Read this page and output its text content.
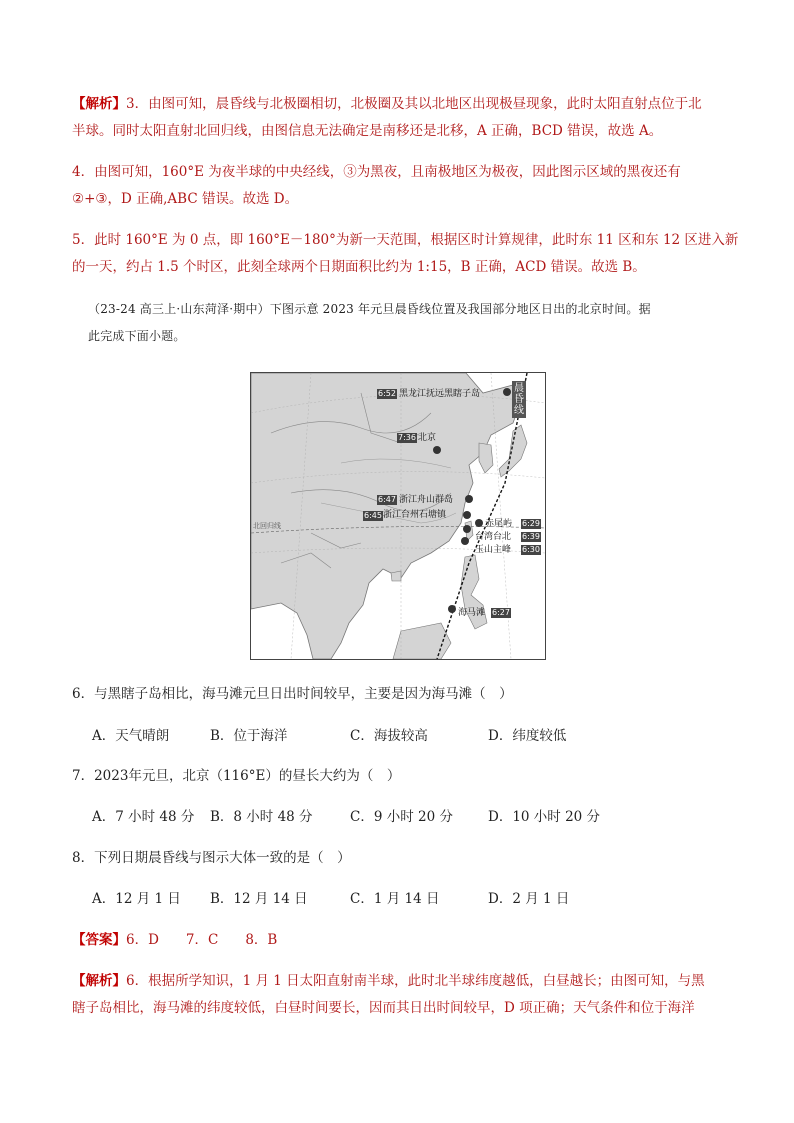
【解析】3．由图可知，晨昏线与北极圈相切，北极圈及其以北地区出现极昼现象，此时太阳直射点位于北
半球。同时太阳直射北回归线，由图信息无法确定是南移还是北移，A 正确，BCD 错误，故选 A。
4．由图可知，160°E 为夜半球的中央经线，③为黑夜，且南极地区为极夜，因此图示区域的黑夜还有
②+③，D 正确,ABC 错误。故选 D。
5．此时 160°E 为 0 点，即 160°E－180°为新一天范围，根据区时计算规律，此时东 11 区和东 12 区进入新
的一天，约占 1.5 个时区，此刻全球两个日期面积比约为 1:15，B 正确，ACD 错误。故选 B。
（23-24 高三上·山东菏泽·期中）下图示意 2023 年元旦晨昏线位置及我国部分地区日出的北京时间。据
此完成下面小题。
晨
昏
线
北回归线
6:52 黑龙江抚远黑瞎子岛
7:36 北京
6:47 浙江舟山群岛
6:45 浙江台州石塘镇
赤尾屿 6:29
台湾台北 6:39
玉山主峰 6:30
海马滩 6:27
6．与黑瞎子岛相比，海马滩元旦日出时间较早，主要是因为海马滩（　）
A．天气晴朗	B．位于海洋	C．海拔较高	D．纬度较低
7．2023年元旦，北京（116°E）的昼长大约为（　）
A．7 小时 48 分 B．8 小时 48 分	C．9 小时 20 分	D．10 小时 20 分
8．下列日期晨昏线与图示大体一致的是（　）
A．12 月 1 日 B．12 月 14 日	C．1 月 14 日	D．2 月 1 日
【答案】6．D　　7．C　　8．B
【解析】6．根据所学知识，1 月 1 日太阳直射南半球，此时北半球纬度越低，白昼越长；由图可知，与黑
瞎子岛相比，海马滩的纬度较低，白昼时间要长，因而其日出时间较早，D 项正确；天气条件和位于海洋
